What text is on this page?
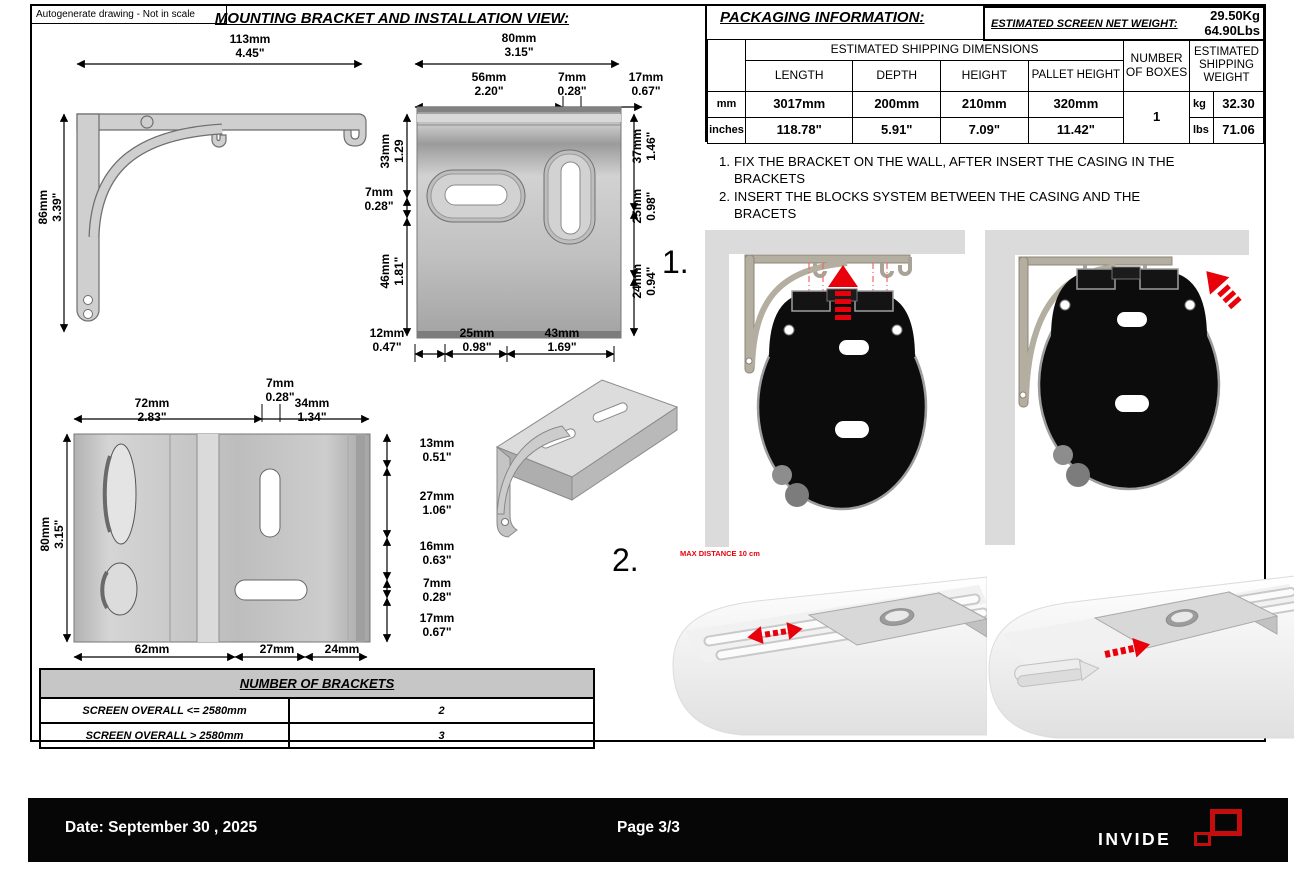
Autogenerate drawing - Not in scale	MOUNTING BRACKET AND INSTALLATION VIEW:	PACKAGING INFORMATION:	ESTIMATED SCREEN NET WEIGHT:
29.50Kg
64.90Lbs
	ESTIMATED SHIPPING DIMENSIONS				NUMBER OF BOXES	ESTIMATED SHIPPING WEIGHT	
	LENGTH	DEPTH	HEIGHT	PALLET HEIGHT			
mm	3017mm	200mm	210mm	320mm	1	kg	32.30
inches	118.78"	5.91"	7.09"	11.42"		lbs	71.06
1. FIX THE BRACKET ON THE WALL, AFTER INSERT THE CASING IN THE BRACKETS
2. INSERT THE BLOCKS SYSTEM BETWEEN THE CASING AND THE BRACETS
1.
2.	MAX DISTANCE 10 cm
113mm
4.45"
86mm 3.39"
80mm
3.15"
56mm
2.20"
7mm
0.28"
17mm
0.67"
33mm 1.29
7mm
0.28"
46mm 1.81"
37mm 1.46"
25mm 0.98"
24mm 0.94"
12mm
0.47"
25mm
0.98"
43mm
1.69"
7mm
0.28"
72mm
2.83"
34mm
1.34"
80mm 3.15"
13mm
0.51"
27mm
1.06"
16mm
0.63"
7mm
0.28"
17mm
0.67"
62mm	27mm	24mm
NUMBER OF BRACKETS	
SCREEN OVERALL <= 2580mm	2
SCREEN OVERALL > 2580mm	3
Date: September 30 , 2025	Page 3/3
INVIDE
